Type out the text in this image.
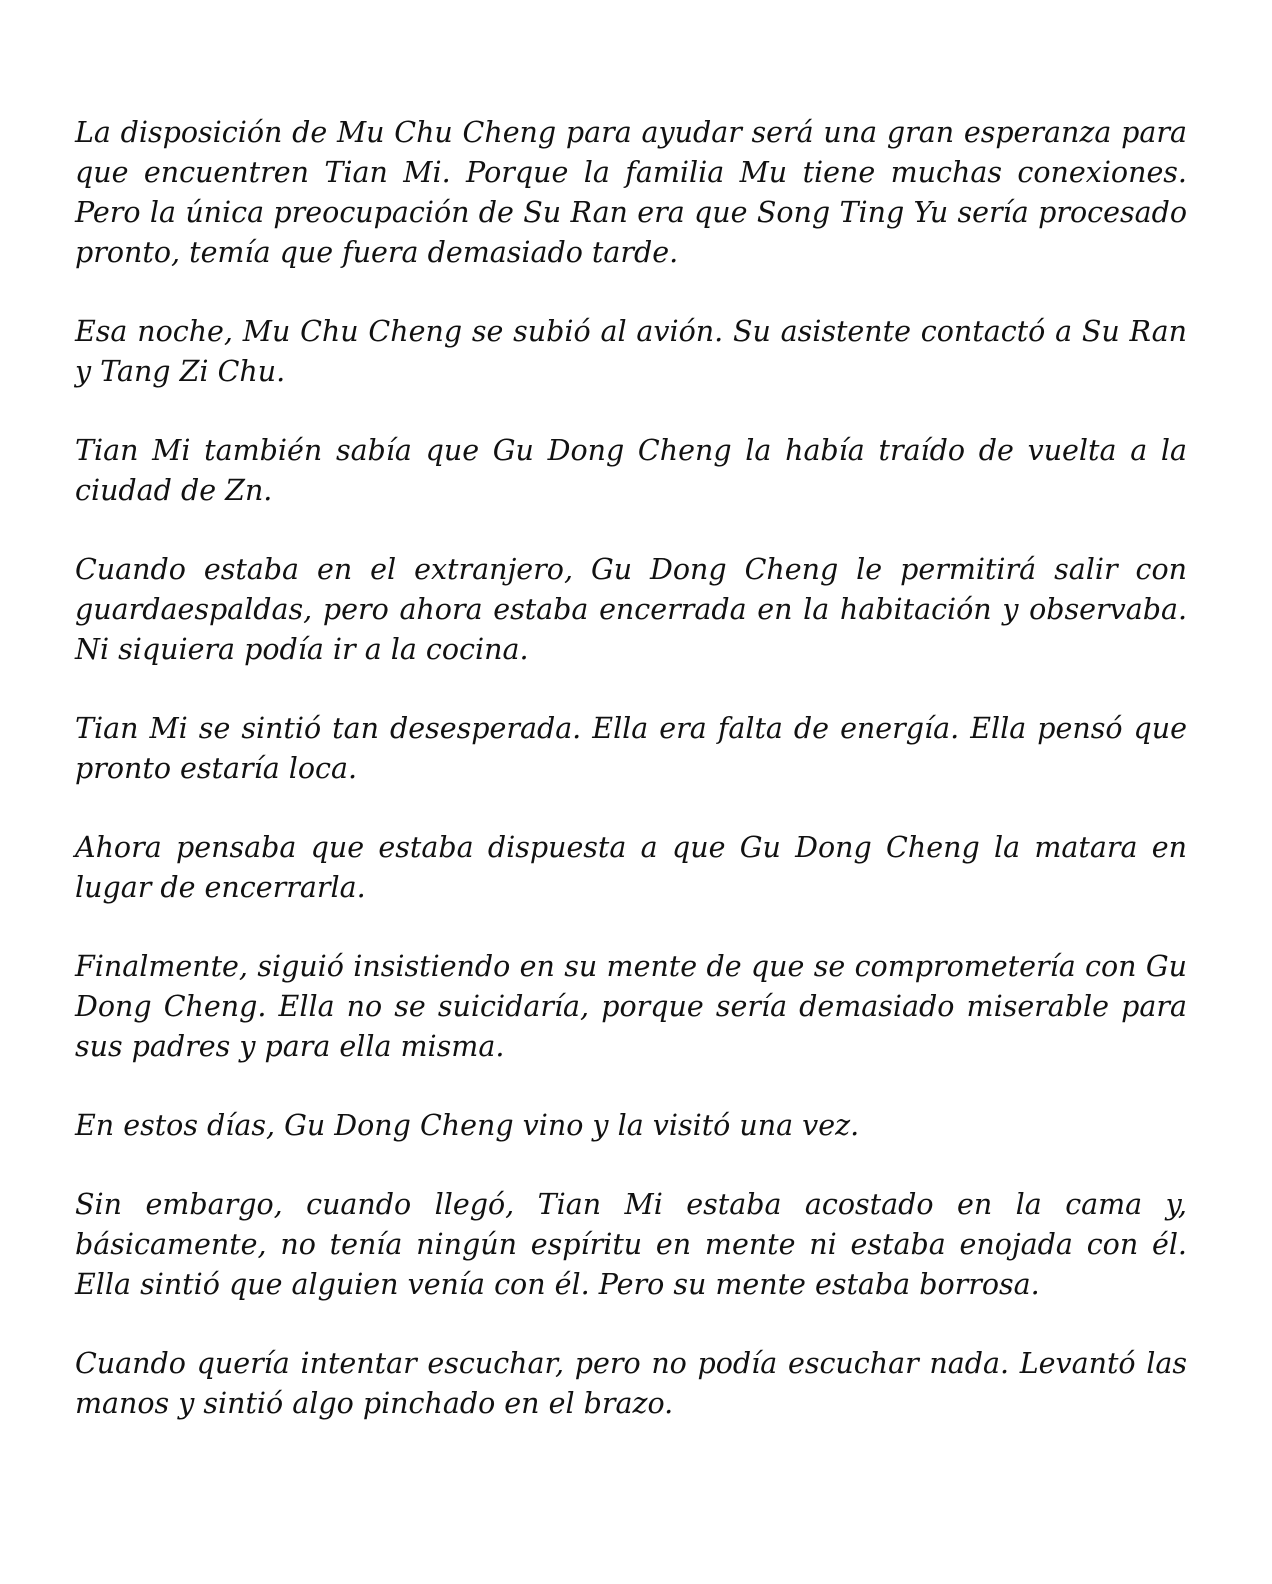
La disposición de Mu Chu Cheng para ayudar será una gran esperanza para que encuentren Tian Mi. Porque la familia Mu tiene muchas conexiones. Pero la única preocupación de Su Ran era que Song Ting Yu sería procesado pronto, temía que fuera demasiado tarde.

Esa noche, Mu Chu Cheng se subió al avión. Su asistente contactó a Su Ran y Tang Zi Chu.

Tian Mi también sabía que Gu Dong Cheng la había traído de vuelta a la ciudad de Zn.

Cuando estaba en el extranjero, Gu Dong Cheng le permitirá salir con guardaespaldas, pero ahora estaba encerrada en la habitación y observaba. Ni siquiera podía ir a la cocina.

Tian Mi se sintió tan desesperada. Ella era falta de energía. Ella pensó que pronto estaría loca.

Ahora pensaba que estaba dispuesta a que Gu Dong Cheng la matara en lugar de encerrarla.

Finalmente, siguió insistiendo en su mente de que se comprometería con Gu Dong Cheng. Ella no se suicidaría, porque sería demasiado miserable para sus padres y para ella misma.

En estos días, Gu Dong Cheng vino y la visitó una vez.

Sin embargo, cuando llegó, Tian Mi estaba acostado en la cama y, básicamente, no tenía ningún espíritu en mente ni estaba enojada con él. Ella sintió que alguien venía con él. Pero su mente estaba borrosa.

Cuando quería intentar escuchar, pero no podía escuchar nada. Levantó las manos y sintió algo pinchado en el brazo.
